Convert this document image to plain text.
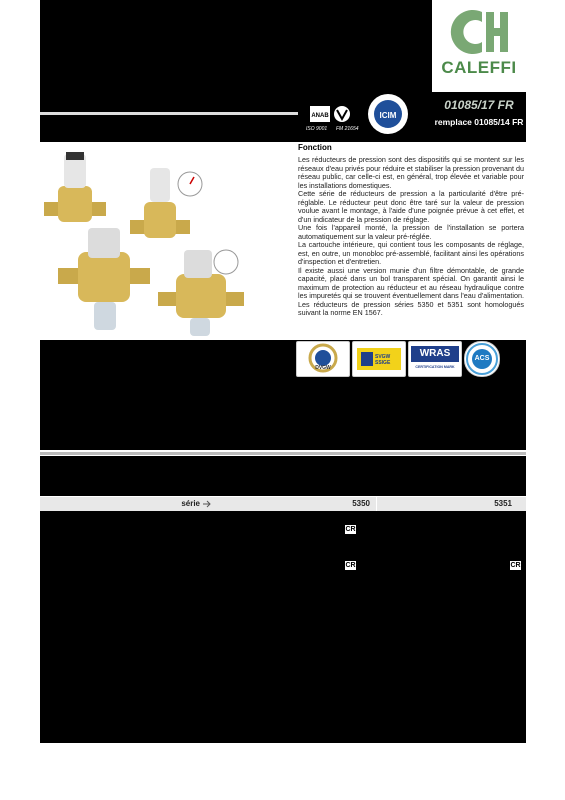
CALEFFI
01085/17 FR
remplace 01085/14 FR
ANAB	ICIM
ISO 9001 FM 21654
Fonction
Les réducteurs de pression sont des dispositifs qui se montent sur les réseaux d'eau privés pour réduire et stabiliser la pression provenant du réseau public, car celle-ci est, en général, trop élevée et variable pour les installations domestiques.
Cette série de réducteurs de pression a la particularité d'être pré-réglable. Le réducteur peut donc être taré sur la valeur de pression voulue avant le montage, à l'aide d'une poignée prévue à cet effet, et d'un indicateur de la pression de réglage.
Une fois l'appareil monté, la pression de l'installation se portera automatiquement sur la valeur pré-réglée.
La cartouche intérieure, qui contient tous les composants de réglage, est, en outre, un monobloc pré-assemblé, facilitant ainsi les opérations d'inspection et d'entretien.
Il existe aussi une version munie d'un filtre démontable, de grande capacité, placé dans un bol transparent spécial. On garantit ainsi le maximum de protection au réducteur et au réseau hydraulique contre les impuretés qui se trouvent éventuellement dans l'eau d'alimentation. Les réducteurs de pression séries 5350 et 5351 sont homologués suivant la norme EN 1567.
DVGW
SVGW SSIGE
WRAS
CERTIFICATION MARK
ACS
série	5350	5351
CR
CR	CR
